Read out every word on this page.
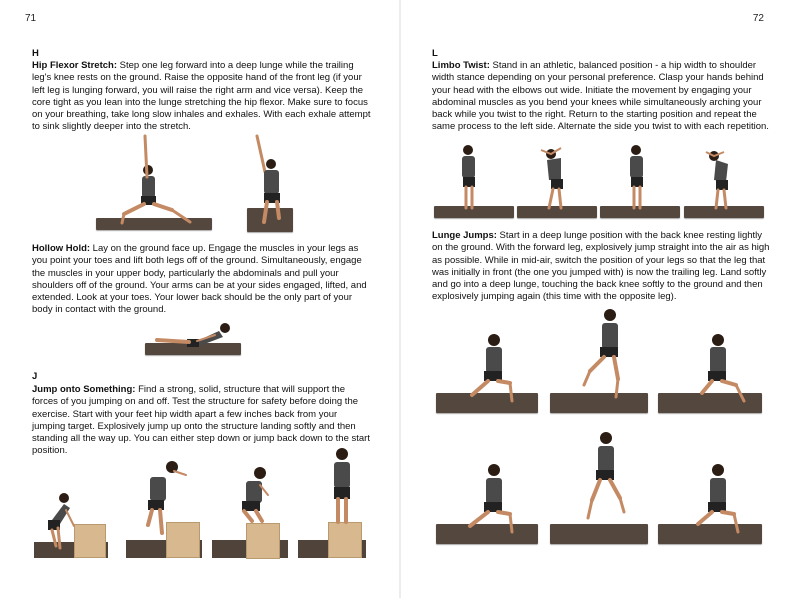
71
H

Hip Flexor Stretch: Step one leg forward into a deep lunge while the trailing leg's knee rests on the ground. Raise the opposite hand of the front leg (if your left leg is lunging forward, you will raise the right arm and vice versa). Keep the core tight as you lean into the lunge stretching the hip flexor. Make sure to focus on your breathing, take long slow inhales and exhales. With each exhale attempt to sink slightly deeper into the stretch.

Hollow Hold: Lay on the ground face up. Engage the muscles in your legs as you point your toes and lift both legs off of the ground. Simultaneously, engage the muscles in your upper body, particularly the abdominals and pull your shoulders off of the ground. Your arms can be at your sides engaged, lifted, and extended. Look at your toes. Your lower back should be the only part of your body in contact with the ground.

J

Jump onto Something: Find a strong, solid, structure that will support the forces of you jumping on and off. Test the structure for safety before doing the exercise. Start with your feet hip width apart a few inches back from your jumping target. Explosively jump up onto the structure landing softly and then standing all the way up. You can either step down or jump back down to the start position.

72
L

Limbo Twist: Stand in an athletic, balanced position - a hip width to shoulder width stance depending on your personal preference. Clasp your hands behind your head with the elbows out wide. Initiate the movement by engaging your abdominal muscles as you bend your knees while simultaneously arching your back while you twist to the right. Return to the starting position and repeat the same process to the left side. Alternate the side you twist to with each repetition.

Lunge Jumps: Start in a deep lunge position with the back knee resting lightly on the ground. With the forward leg, explosively jump straight into the air as high as possible. While in mid-air, switch the position of your legs so that the leg that was initially in front (the one you jumped with) is now the trailing leg. Land softly and go into a deep lunge, touching the back knee softly to the ground and then explosively jumping again (this time with the opposite leg).
